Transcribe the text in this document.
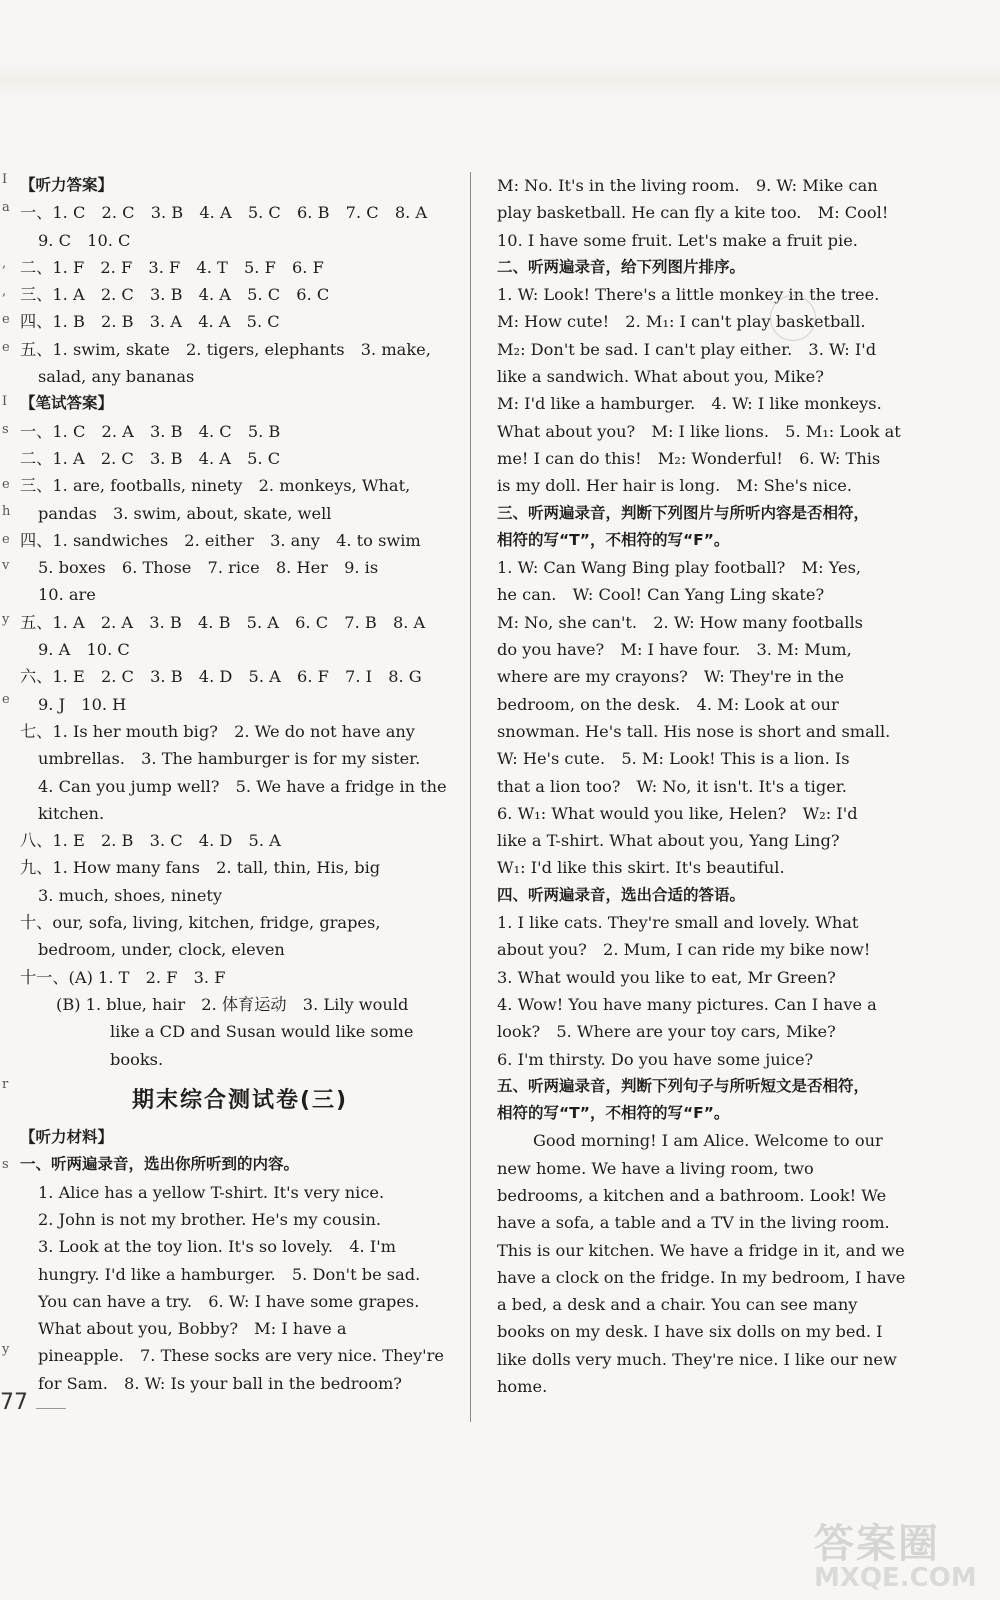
I
a
,
,
e
e
I
s
e
h
e
v
y
e
r
s
y
【听力答案】
一、1. C　2. C　3. B　4. A　5. C　6. B　7. C　8. A
9. C　10. C
二、1. F　2. F　3. F　4. T　5. F　6. F
三、1. A　2. C　3. B　4. A　5. C　6. C
四、1. B　2. B　3. A　4. A　5. C
五、1. swim, skate　2. tigers, elephants　3. make,
salad, any bananas
【笔试答案】
一、1. C　2. A　3. B　4. C　5. B
二、1. A　2. C　3. B　4. A　5. C
三、1. are, footballs, ninety　2. monkeys, What,
pandas　3. swim, about, skate, well
四、1. sandwiches　2. either　3. any　4. to swim
5. boxes　6. Those　7. rice　8. Her　9. is
10. are
五、1. A　2. A　3. B　4. B　5. A　6. C　7. B　8. A
9. A　10. C
六、1. E　2. C　3. B　4. D　5. A　6. F　7. I　8. G
9. J　10. H
七、1. Is her mouth big?　2. We do not have any
umbrellas.　3. The hamburger is for my sister.
4. Can you jump well?　5. We have a fridge in the
kitchen.
八、1. E　2. B　3. C　4. D　5. A
九、1. How many fans　2. tall, thin, His, big
3. much, shoes, ninety
十、our, sofa, living, kitchen, fridge, grapes,
bedroom, under, clock, eleven
十一、(A) 1. T　2. F　3. F
(B) 1. blue, hair　2. 体育运动　3. Lily would
like a CD and Susan would like some
books.
期末综合测试卷(三)
【听力材料】
一、听两遍录音，选出你所听到的内容。
1. Alice has a yellow T-shirt. It's very nice.
2. John is not my brother. He's my cousin.
3. Look at the toy lion. It's so lovely.　4. I'm
hungry. I'd like a hamburger.　5. Don't be sad.
You can have a try.　6. W: I have some grapes.
What about you, Bobby?　M: I have a
pineapple.　7. These socks are very nice. They're
for Sam.　8. W: Is your ball in the bedroom?
M: No. It's in the living room.　9. W: Mike can
play basketball. He can fly a kite too.　M: Cool!
10. I have some fruit. Let's make a fruit pie.
二、听两遍录音，给下列图片排序。
1. W: Look! There's a little monkey in the tree.
M: How cute!　2. M₁: I can't play basketball.
M₂: Don't be sad. I can't play either.　3. W: I'd
like a sandwich. What about you, Mike?
M: I'd like a hamburger.　4. W: I like monkeys.
What about you?　M: I like lions.　5. M₁: Look at
me! I can do this!　M₂: Wonderful!　6. W: This
is my doll. Her hair is long.　M: She's nice.
三、听两遍录音，判断下列图片与所听内容是否相符，
相符的写“T”，不相符的写“F”。
1. W: Can Wang Bing play football?　M: Yes,
he can.　W: Cool! Can Yang Ling skate?
M: No, she can't.　2. W: How many footballs
do you have?　M: I have four.　3. M: Mum,
where are my crayons?　W: They're in the
bedroom, on the desk.　4. M: Look at our
snowman. He's tall. His nose is short and small.
W: He's cute.　5. M: Look! This is a lion. Is
that a lion too?　W: No, it isn't. It's a tiger.
6. W₁: What would you like, Helen?　W₂: I'd
like a T-shirt. What about you, Yang Ling?
W₁: I'd like this skirt. It's beautiful.
四、听两遍录音，选出合适的答语。
1. I like cats. They're small and lovely. What
about you?　2. Mum, I can ride my bike now!
3. What would you like to eat, Mr Green?
4. Wow! You have many pictures. Can I have a
look?　5. Where are your toy cars, Mike?
6. I'm thirsty. Do you have some juice?
五、听两遍录音，判断下列句子与所听短文是否相符，
相符的写“T”，不相符的写“F”。
Good morning! I am Alice. Welcome to our
new home. We have a living room, two
bedrooms, a kitchen and a bathroom. Look! We
have a sofa, a table and a TV in the living room.
This is our kitchen. We have a fridge in it, and we
have a clock on the fridge. In my bedroom, I have
a bed, a desk and a chair. You can see many
books on my desk. I have six dolls on my bed. I
like dolls very much. They're nice. I like our new
home.
77
答案圈
MXQE.COM
